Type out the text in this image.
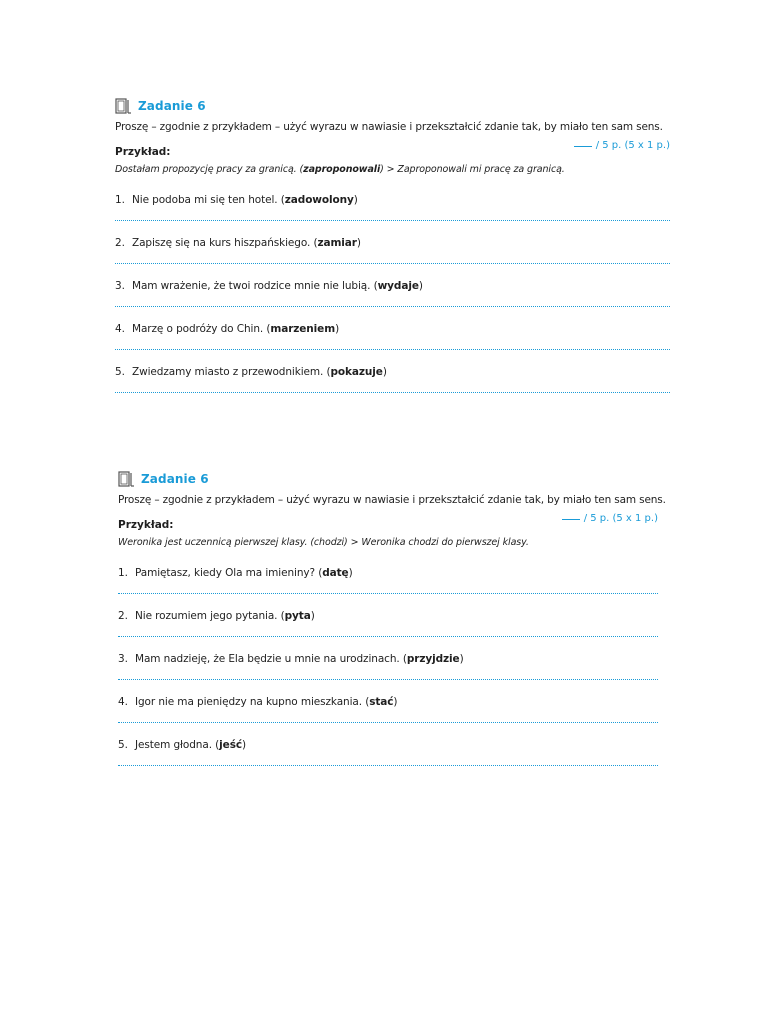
Zadanie 6
Proszę – zgodnie z przykładem – użyć wyrazu w nawiasie i przekształcić zdanie tak, by miało ten sam sens.
Przykład:
/ 5 p. (5 x 1 p.)
Dostałam propozycję pracy za granicą. (zaproponowali) > Zaproponowali mi pracę za granicą.
1. Nie podoba mi się ten hotel. (zadowolony)
2. Zapiszę się na kurs hiszpańskiego. (zamiar)
3. Mam wrażenie, że twoi rodzice mnie nie lubią. (wydaje)
4. Marzę o podróży do Chin. (marzeniem)
5. Zwiedzamy miasto z przewodnikiem. (pokazuje)
Zadanie 6
Proszę – zgodnie z przykładem – użyć wyrazu w nawiasie i przekształcić zdanie tak, by miało ten sam sens.
Przykład:
/ 5 p. (5 x 1 p.)
Weronika jest uczennicą pierwszej klasy. (chodzi) > Weronika chodzi do pierwszej klasy.
1. Pamiętasz, kiedy Ola ma imieniny? (datę)
2. Nie rozumiem jego pytania. (pyta)
3. Mam nadzieję, że Ela będzie u mnie na urodzinach. (przyjdzie)
4. Igor nie ma pieniędzy na kupno mieszkania. (stać)
5. Jestem głodna. (jeść)
